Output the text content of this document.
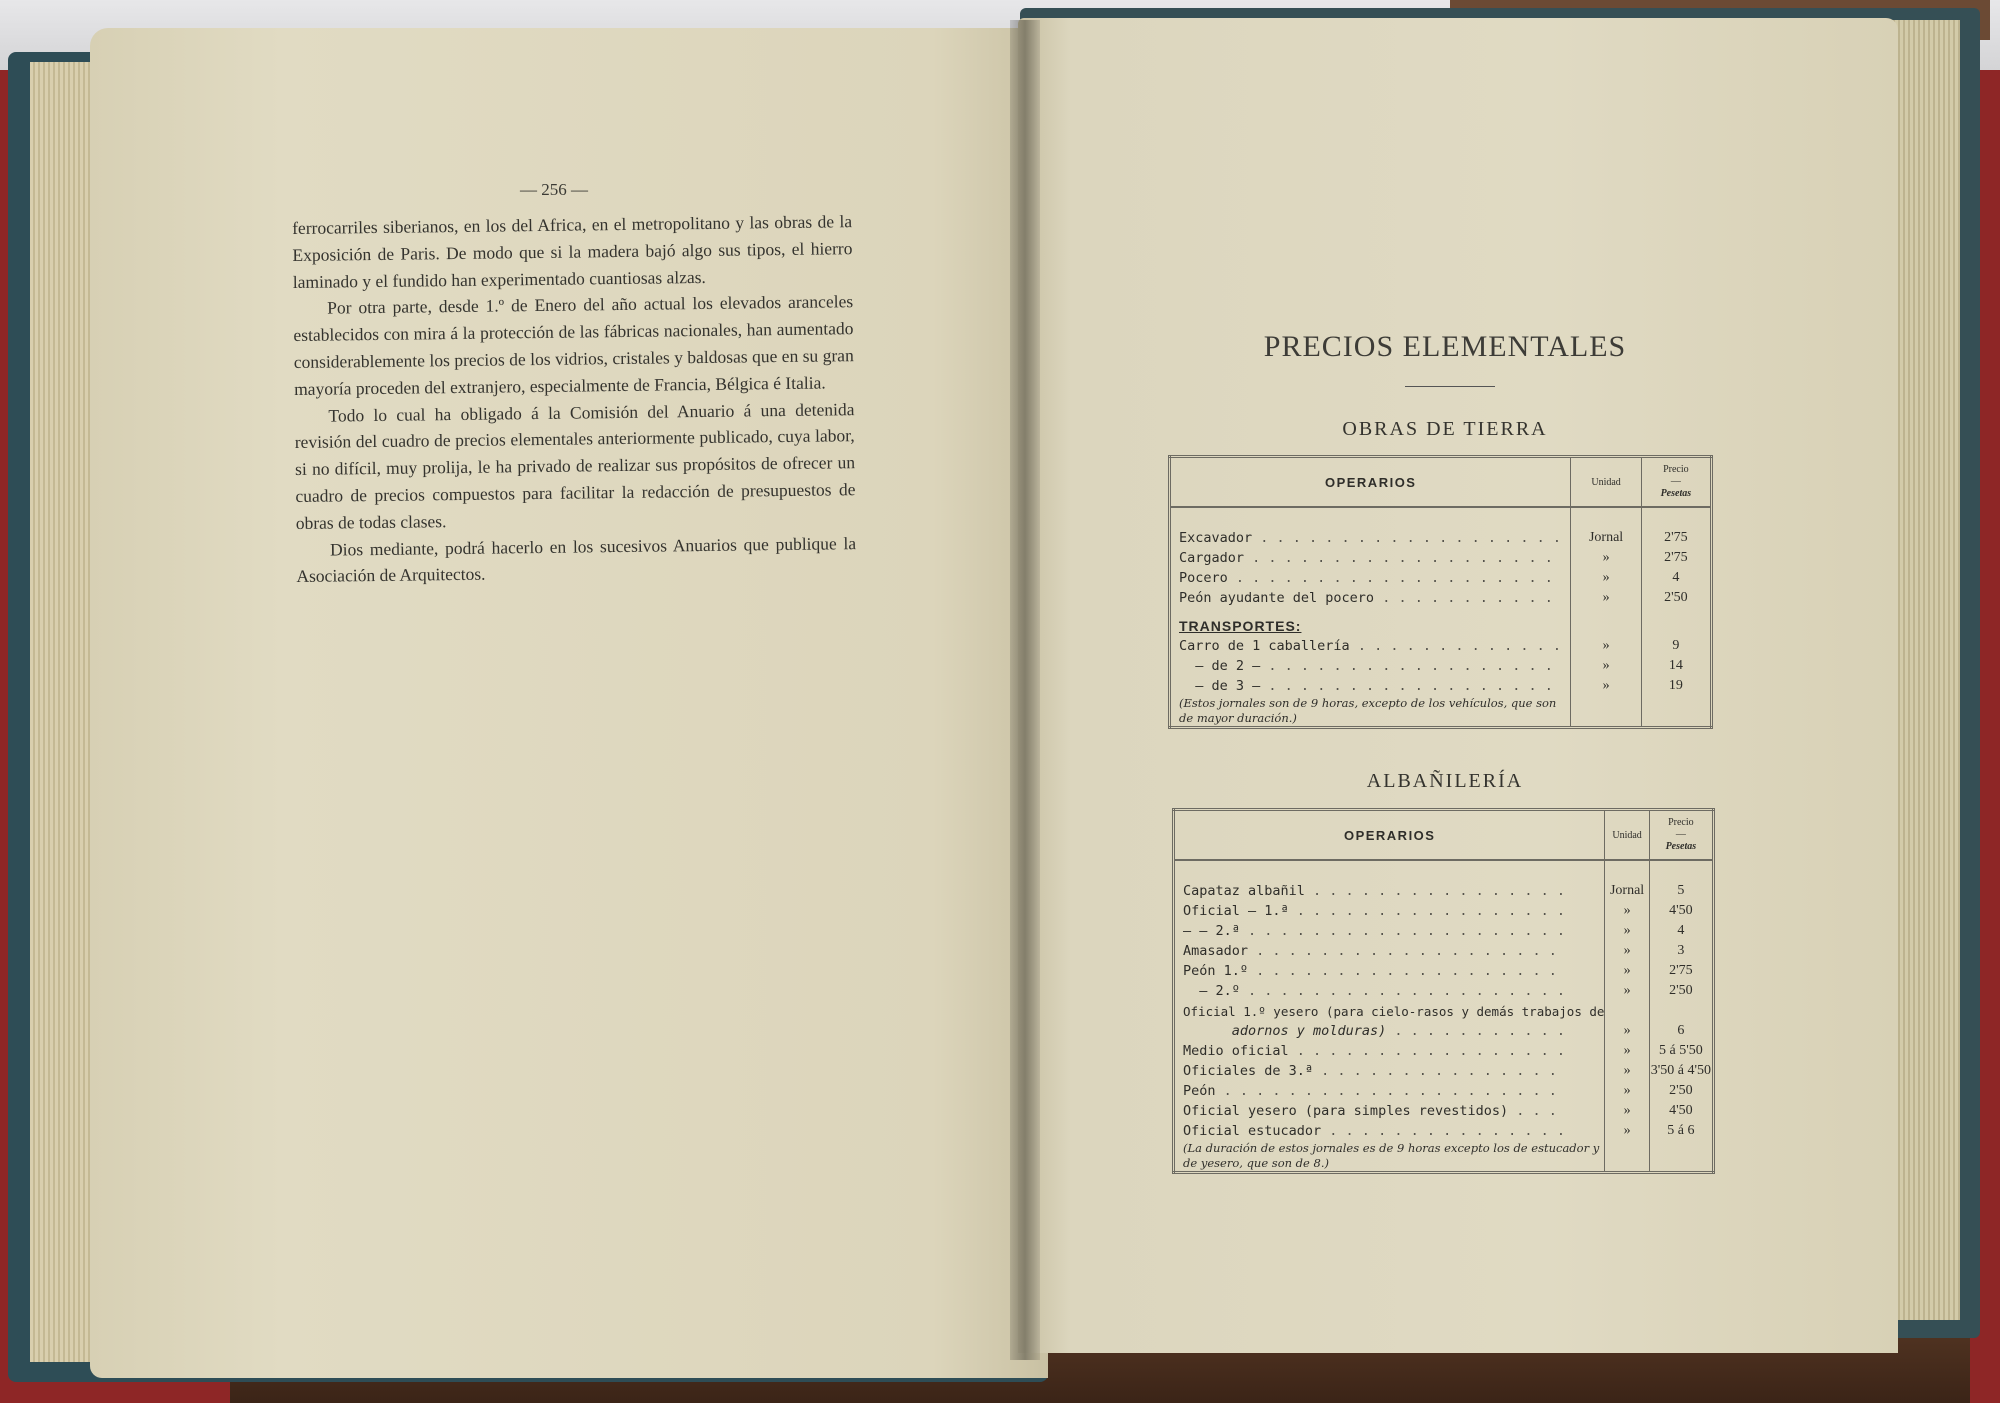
— 256 —

ferrocarriles siberianos, en los del Africa, en el metropolitano y las obras de la Exposición de Paris. De modo que si la madera bajó algo sus tipos, el hierro laminado y el fundido han experimentado cuantiosas alzas.

Por otra parte, desde 1.º de Enero del año actual los elevados aranceles establecidos con mira á la protección de las fábricas nacionales, han aumentado considerablemente los precios de los vidrios, cristales y baldosas que en su gran mayoría proceden del extranjero, especialmente de Francia, Bélgica é Italia.

Todo lo cual ha obligado á la Comisión del Anuario á una detenida revisión del cuadro de precios elementales anteriormente publicado, cuya labor, si no difícil, muy prolija, le ha privado de realizar sus propósitos de ofrecer un cuadro de precios compuestos para facilitar la redacción de presupuestos de obras de todas clases.

Dios mediante, podrá hacerlo en los sucesivos Anuarios que publique la Asociación de Arquitectos.

PRECIOS ELEMENTALES
OBRAS DE TIERRA
OPERARIOS	Unidad	Precio
—
Pesetas

Excavador . . .	Jornal	2'75
Cargador . . .	»	2'75
Pocero . . .	»	4
Peón ayudante del pocero . . .	»	2'50
TRANSPORTES:		
Carro de 1 caballería . . .	»	9
— de 2 — . . .	»	14
— de 3 — . . .	»	19
(Estos jornales son de 9 horas, excepto de los vehículos, que son de mayor duración.)		
ALBAÑILERÍA
OPERARIOS	Unidad	Precio
—
Pesetas

Capataz albañil . . .	Jornal	5
Oficial — 1.ª . . .	»	4'50
— — 2.ª . . .	»	4
Amasador . . .	»	3
Peón 1.º . . .	»	2'75
— 2.º . . .	»	2'50
Oficial 1.º yesero (para cielo-rasos y demás trabajos de		
adornos y molduras) . . .	»	6
Medio oficial . . .	»	5 á 5'50
Oficiales de 3.ª . . .	»	3'50 á 4'50
Peón . . .	»	2'50
Oficial yesero (para simples revestidos) . . .	»	4'50
Oficial estucador . . .	»	5 á 6
(La duración de estos jornales es de 9 horas excepto los de estucador y de yesero, que son de 8.)		
